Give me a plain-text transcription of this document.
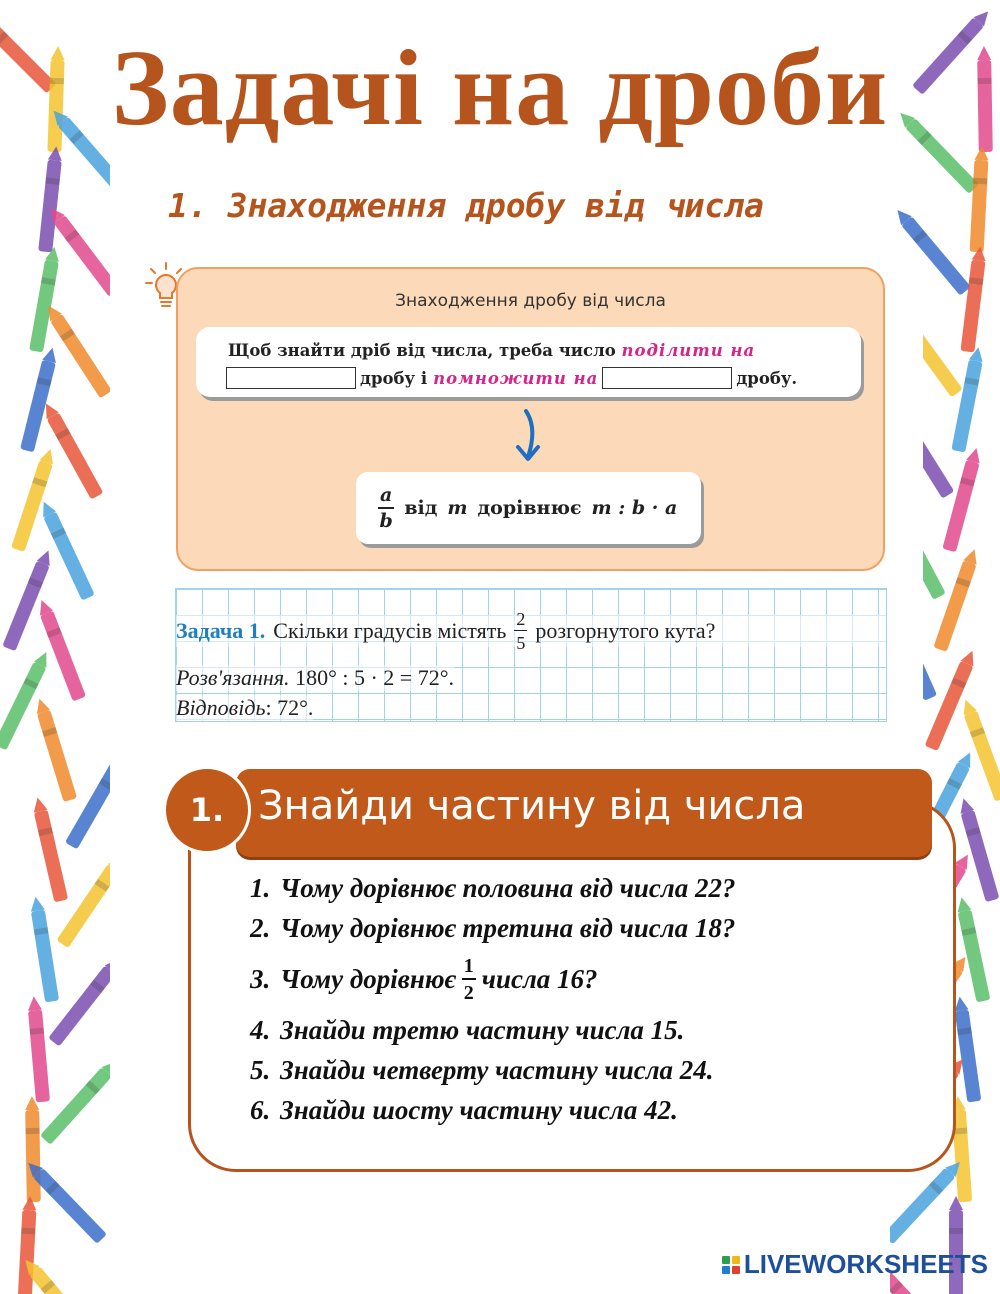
Задачі на дроби
1. Знаходження дробу від числа
Знаходження дробу від числа
Щоб знайти дріб від числа, треба число поділити на
дробу і помножити на	дробу.
$\frac{a}{b}$ від m дорівнює m : b · a
Задача 1. Скільки градусів містять $\frac{2}{5}$ розгорнутого кута?
Розв'язання. 180° : 5 · 2 = 72°.
Відповідь: 72°.
Знайди частину від числа
1.
1. Чому дорівнює половина від числа 22?
2. Чому дорівнює третина від числа 18?
3. Чому дорівнює $\frac{1}{2}$ числа 16?
4. Знайди третю частину числа 15.
5. Знайди четверту частину числа 24.
6. Знайди шосту частину числа 42.
LIVEWORKSHEETS
